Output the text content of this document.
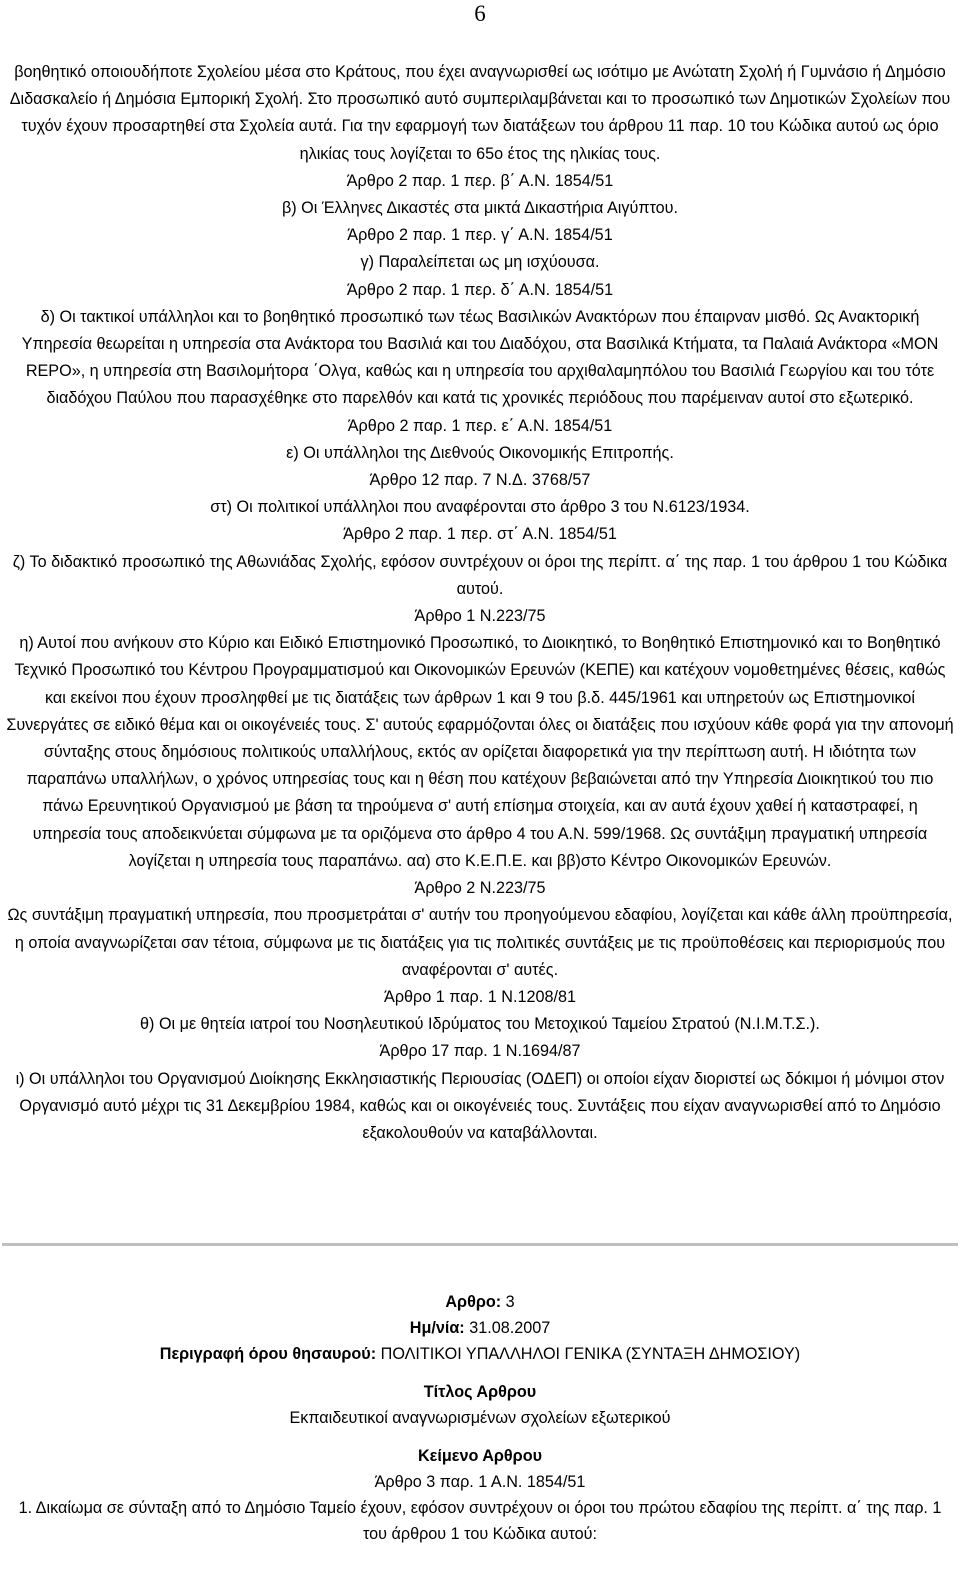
6

βοηθητικό οποιουδήποτε Σχολείου μέσα στο Κράτους, που έχει αναγνωρισθεί ως ισότιμο με Ανώτατη Σχολή ή Γυμνάσιο ή Δημόσιο Διδασκαλείο ή Δημόσια Εμπορική Σχολή. Στο προσωπικό αυτό συμπεριλαμβάνεται και το προσωπικό των Δημοτικών Σχολείων που τυχόν έχουν προσαρτηθεί στα Σχολεία αυτά. Για την εφαρμογή των διατάξεων του άρθρου 11 παρ. 10 του Κώδικα αυτού ως όριο ηλικίας τους λογίζεται το 65ο έτος της ηλικίας τους.

Άρθρο 2 παρ. 1 περ. β΄ Α.Ν. 1854/51

β) Οι Έλληνες Δικαστές στα μικτά Δικαστήρια Αιγύπτου.

Άρθρο 2 παρ. 1 περ. γ΄ Α.Ν. 1854/51

γ) Παραλείπεται ως μη ισχύουσα.

Άρθρο 2 παρ. 1 περ. δ΄ Α.Ν. 1854/51

δ) Οι τακτικοί υπάλληλοι και το βοηθητικό προσωπικό των τέως Βασιλικών Ανακτόρων που έπαιρναν μισθό. Ως Ανακτορική Υπηρεσία θεωρείται η υπηρεσία στα Ανάκτορα του Βασιλιά και του Διαδόχου, στα Βασιλικά Κτήματα, τα Παλαιά Ανάκτορα «MON REPO», η υπηρεσία στη Βασιλομήτορα ΄Ολγα, καθώς και η υπηρεσία του αρχιθαλαμηπόλου του Βασιλιά Γεωργίου και του τότε διαδόχου Παύλου που παρασχέθηκε στο παρελθόν και κατά τις χρονικές περιόδους που παρέμειναν αυτοί στο εξωτερικό.

Άρθρο 2 παρ. 1 περ. ε΄ Α.Ν. 1854/51

ε) Οι υπάλληλοι της Διεθνούς Οικονομικής Επιτροπής.

Άρθρο 12 παρ. 7 Ν.Δ. 3768/57

στ) Οι πολιτικοί υπάλληλοι που αναφέρονται στο άρθρο 3 του Ν.6123/1934.

Άρθρο 2 παρ. 1 περ. στ΄ Α.Ν. 1854/51

ζ) Το διδακτικό προσωπικό της Αθωνιάδας Σχολής, εφόσον συντρέχουν οι όροι της περίπτ. α΄ της παρ. 1 του άρθρου 1 του Κώδικα αυτού.

Άρθρο 1 Ν.223/75

η) Αυτοί που ανήκουν στο Κύριο και Ειδικό Επιστημονικό Προσωπικό, το Διοικητικό, το Βοηθητικό Επιστημονικό και το Βοηθητικό Τεχνικό Προσωπικό του Κέντρου Προγραμματισμού και Οικονομικών Ερευνών (ΚΕΠΕ) και κατέχουν νομοθετημένες θέσεις, καθώς και εκείνοι που έχουν προσληφθεί με τις διατάξεις των άρθρων 1 και 9 του β.δ. 445/1961 και υπηρετούν ως Επιστημονικοί Συνεργάτες σε ειδικό θέμα και οι οικογένειές τους. Σ' αυτούς εφαρμόζονται όλες οι διατάξεις που ισχύουν κάθε φορά για την απονομή σύνταξης στους δημόσιους πολιτικούς υπαλλήλους, εκτός αν ορίζεται διαφορετικά για την περίπτωση αυτή. Η ιδιότητα των παραπάνω υπαλλήλων, ο χρόνος υπηρεσίας τους και η θέση που κατέχουν βεβαιώνεται από την Υπηρεσία Διοικητικού του πιο πάνω Ερευνητικού Οργανισμού με βάση τα τηρούμενα σ' αυτή επίσημα στοιχεία, και αν αυτά έχουν χαθεί ή καταστραφεί, η υπηρεσία τους αποδεικνύεται σύμφωνα με τα οριζόμενα στο άρθρο 4 του Α.Ν. 599/1968. Ως συντάξιμη πραγματική υπηρεσία λογίζεται η υπηρεσία τους παραπάνω. αα) στο Κ.Ε.Π.Ε. και ββ)στο Κέντρο Οικονομικών Ερευνών.

Άρθρο 2 Ν.223/75

Ως συντάξιμη πραγματική υπηρεσία, που προσμετράται σ' αυτήν του προηγούμενου εδαφίου, λογίζεται και κάθε άλλη προϋπηρεσία, η οποία αναγνωρίζεται σαν τέτοια, σύμφωνα με τις διατάξεις για τις πολιτικές συντάξεις με τις προϋποθέσεις και περιορισμούς που αναφέρονται σ' αυτές.

Άρθρο 1 παρ. 1 Ν.1208/81

θ) Οι με θητεία ιατροί του Νοσηλευτικού Ιδρύματος του Μετοχικού Ταμείου Στρατού (Ν.Ι.Μ.Τ.Σ.).

Άρθρο 17 παρ. 1 Ν.1694/87

ι) Οι υπάλληλοι του Οργανισμού Διοίκησης Εκκλησιαστικής Περιουσίας (ΟΔΕΠ) οι οποίοι είχαν διοριστεί ως δόκιμοι ή μόνιμοι στον Οργανισμό αυτό μέχρι τις 31 Δεκεμβρίου 1984, καθώς και οι οικογένειές τους. Συντάξεις που είχαν αναγνωρισθεί από το Δημόσιο εξακολουθούν να καταβάλλονται.

Αρθρο: 3

Ημ/νία: 31.08.2007

Περιγραφή όρου θησαυρού: ΠΟΛΙΤΙΚΟΙ ΥΠΑΛΛΗΛΟΙ ΓΕΝΙΚΑ (ΣΥΝΤΑΞΗ ΔΗΜΟΣΙΟΥ)

Τίτλος Αρθρου

Εκπαιδευτικοί αναγνωρισμένων σχολείων εξωτερικού

Κείμενο Αρθρου

Άρθρο 3 παρ. 1 Α.Ν. 1854/51

1. Δικαίωμα σε σύνταξη από το Δημόσιο Ταμείο έχουν, εφόσον συντρέχουν οι όροι του πρώτου εδαφίου της περίπτ. α΄ της παρ. 1 του άρθρου 1 του Κώδικα αυτού:
